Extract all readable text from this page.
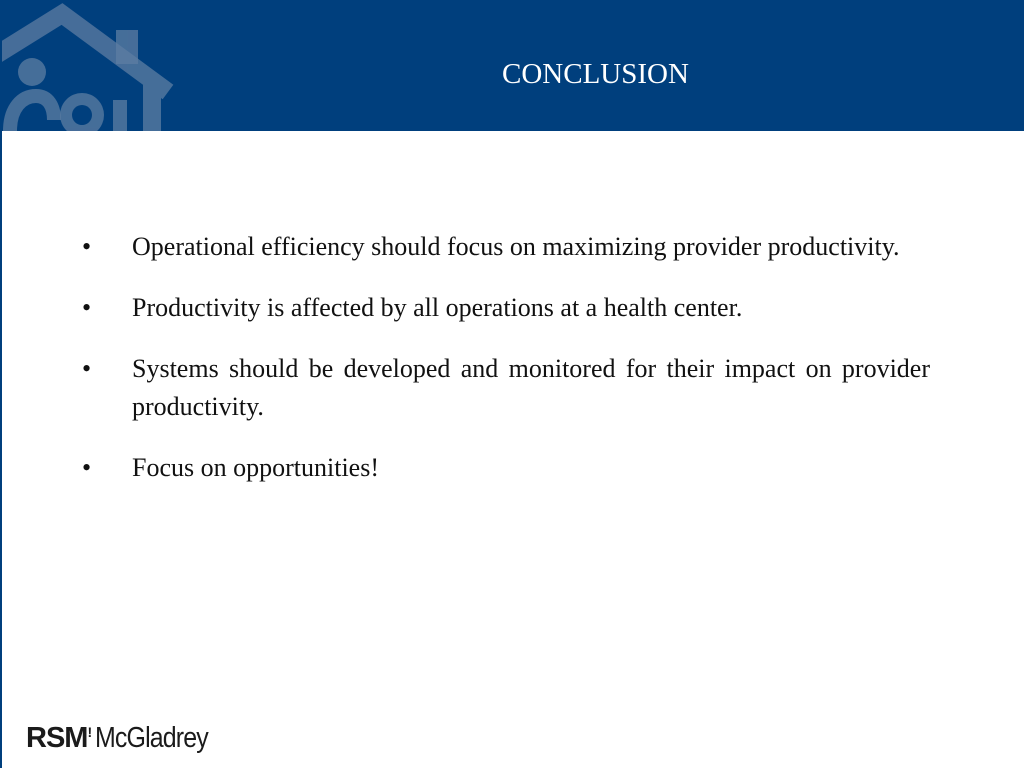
CONCLUSION
•	Operational efficiency should focus on maximizing provider productivity.
•	Productivity is affected by all operations at a health center.
•	Systems should be developed and monitored for their impact on provider productivity.
•	Focus on opportunities!
RSM! McGladrey
